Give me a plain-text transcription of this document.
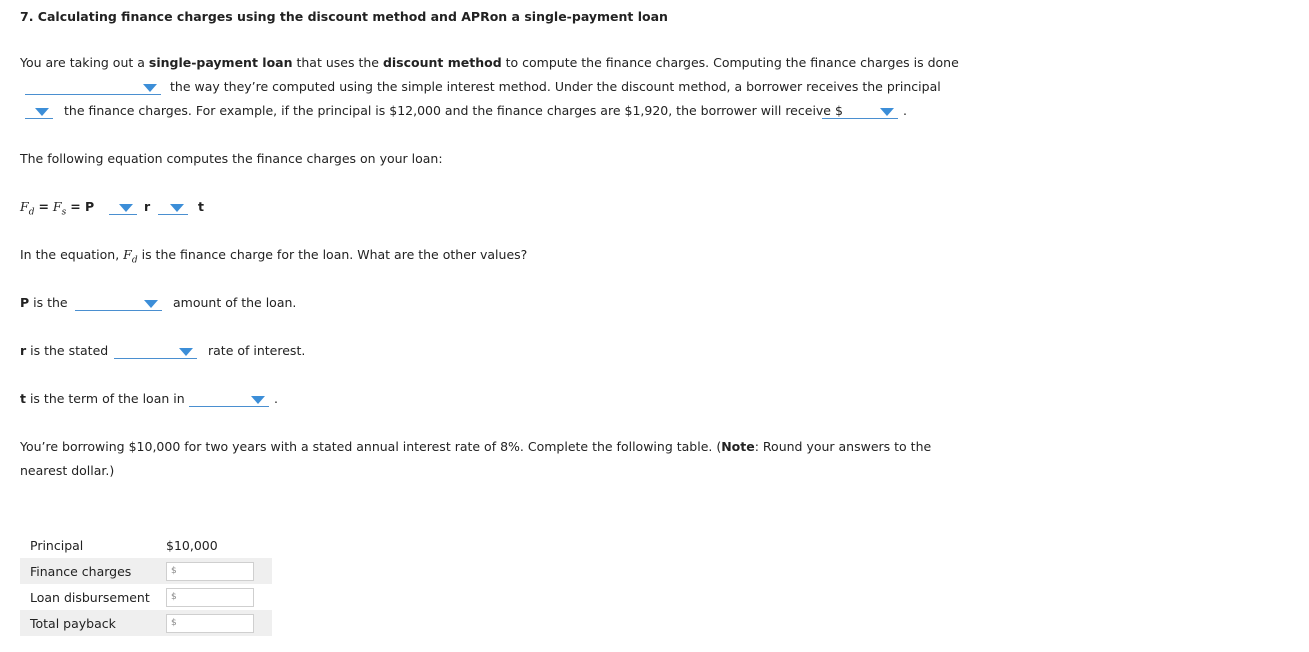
7. Calculating finance charges using the discount method and APRon a single-payment loan
You are taking out a single-payment loan that uses the discount method to compute the finance charges. Computing the finance charges is done
the way they’re computed using the simple interest method. Under the discount method, a borrower receives the principal
the finance charges. For example, if the principal is $12,000 and the finance charges are $1,920, the borrower will receive $	.
The following equation computes the finance charges on your loan:
$F_d = F_s = P$	r	t
In the equation, $F_d$ is the finance charge for the loan. What are the other values?
P is the	amount of the loan.
r is the stated	rate of interest.
t is the term of the loan in	.
You’re borrowing $10,000 for two years with a stated annual interest rate of 8%. Complete the following table. (Note: Round your answers to the
nearest dollar.)
Principal	$10,000
Finance charges	$

Loan disbursement	$

Total payback	$
